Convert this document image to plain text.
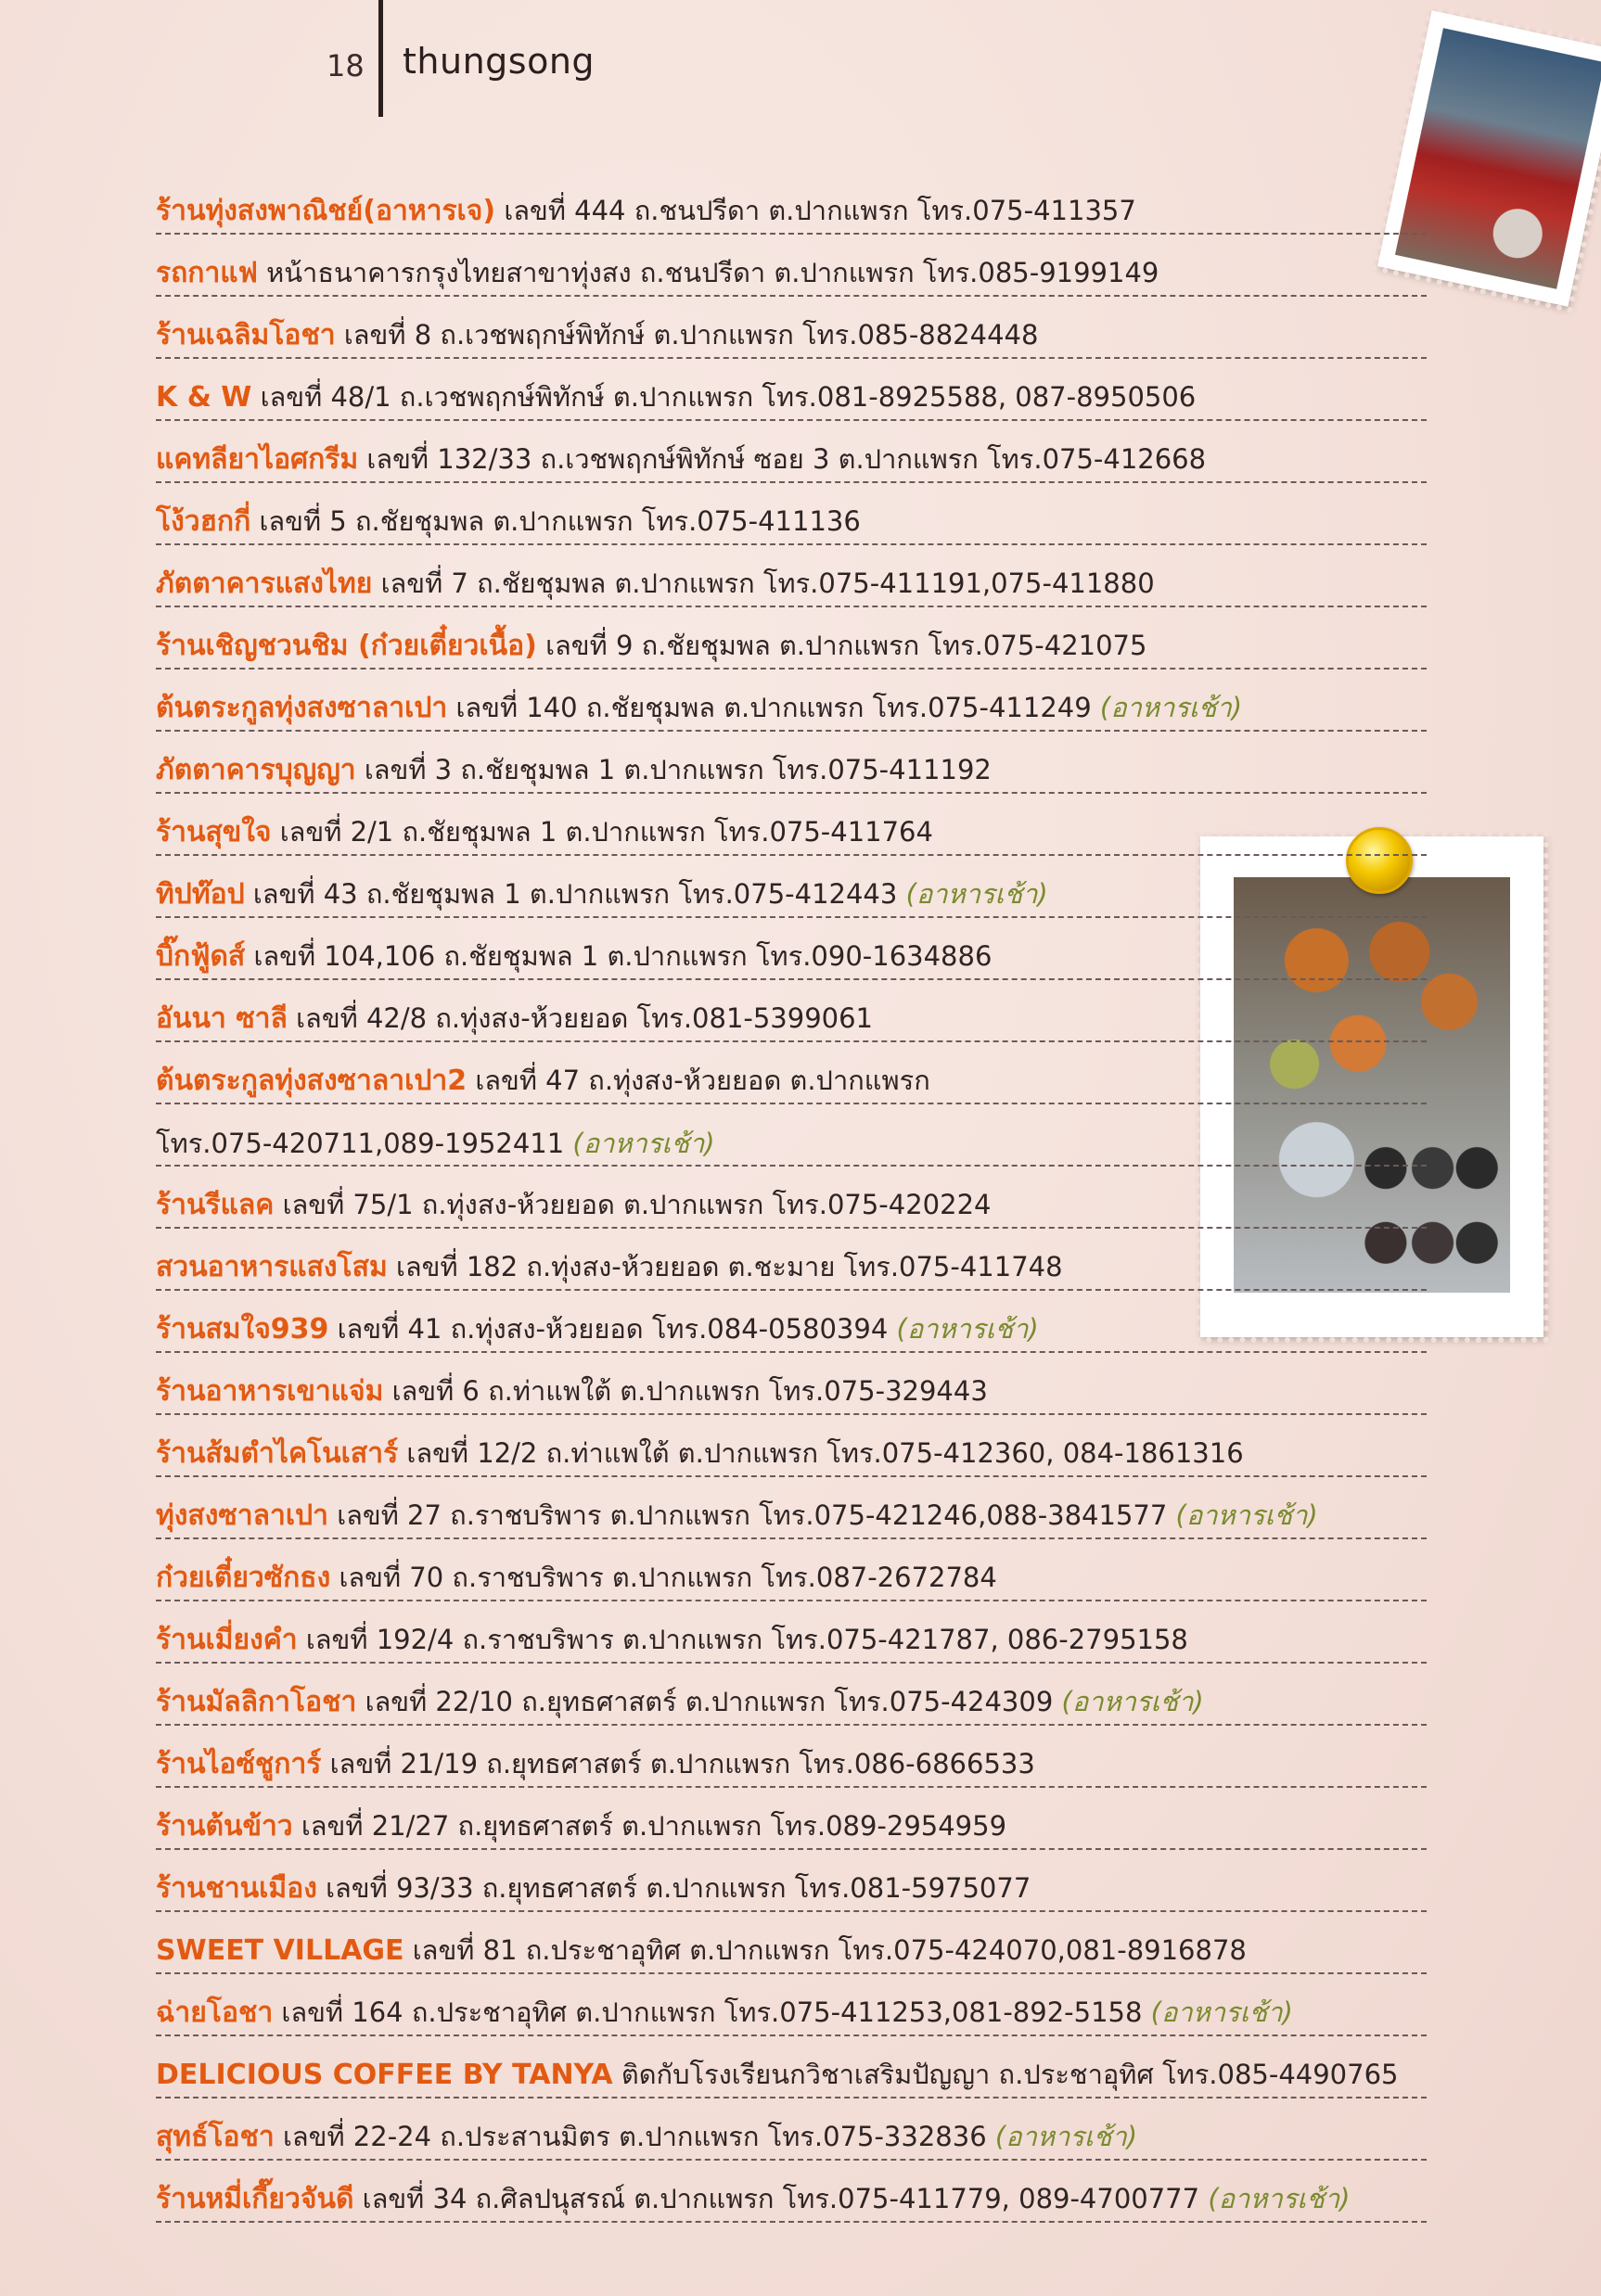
18 thungsong
ร้านทุ่งสงพาณิชย์(อาหารเจ) เลขที่ 444 ถ.ชนปรีดา ต.ปากแพรก โทร.075-411357
รถกาแฟ หน้าธนาคารกรุงไทยสาขาทุ่งสง ถ.ชนปรีดา ต.ปากแพรก โทร.085-9199149
ร้านเฉลิมโอชา เลขที่ 8 ถ.เวชพฤกษ์พิทักษ์ ต.ปากแพรก โทร.085-8824448
K & W เลขที่ 48/1 ถ.เวชพฤกษ์พิทักษ์ ต.ปากแพรก โทร.081-8925588, 087-8950506
แคทลียาไอศกรีม เลขที่ 132/33 ถ.เวชพฤกษ์พิทักษ์ ซอย 3 ต.ปากแพรก โทร.075-412668
โง้วฮกกี่ เลขที่ 5 ถ.ชัยชุมพล ต.ปากแพรก โทร.075-411136
ภัตตาคารแสงไทย เลขที่ 7 ถ.ชัยชุมพล ต.ปากแพรก โทร.075-411191,075-411880
ร้านเชิญชวนชิม (ก๋วยเตี๋ยวเนื้อ) เลขที่ 9 ถ.ชัยชุมพล ต.ปากแพรก โทร.075-421075
ต้นตระกูลทุ่งสงซาลาเปา เลขที่ 140 ถ.ชัยชุมพล ต.ปากแพรก โทร.075-411249 (อาหารเช้า)
ภัตตาคารบุญญา เลขที่ 3 ถ.ชัยชุมพล 1 ต.ปากแพรก โทร.075-411192
ร้านสุขใจ เลขที่ 2/1 ถ.ชัยชุมพล 1 ต.ปากแพรก โทร.075-411764
ทิปท๊อป เลขที่ 43 ถ.ชัยชุมพล 1 ต.ปากแพรก โทร.075-412443 (อาหารเช้า)
บิ๊กฟู้ดส์ เลขที่ 104,106 ถ.ชัยชุมพล 1 ต.ปากแพรก โทร.090-1634886
อันนา ซาลี เลขที่ 42/8 ถ.ทุ่งสง-ห้วยยอด โทร.081-5399061
ต้นตระกูลทุ่งสงซาลาเปา2 เลขที่ 47 ถ.ทุ่งสง-ห้วยยอด ต.ปากแพรก
โทร.075-420711,089-1952411 (อาหารเช้า)
ร้านรีแลค เลขที่ 75/1 ถ.ทุ่งสง-ห้วยยอด ต.ปากแพรก โทร.075-420224
สวนอาหารแสงโสม เลขที่ 182 ถ.ทุ่งสง-ห้วยยอด ต.ชะมาย โทร.075-411748
ร้านสมใจ939 เลขที่ 41 ถ.ทุ่งสง-ห้วยยอด โทร.084-0580394 (อาหารเช้า)
ร้านอาหารเขาแจ่ม เลขที่ 6 ถ.ท่าแพใต้ ต.ปากแพรก โทร.075-329443
ร้านส้มตำไคโนเสาร์ เลขที่ 12/2 ถ.ท่าแพใต้ ต.ปากแพรก โทร.075-412360, 084-1861316
ทุ่งสงซาลาเปา เลขที่ 27 ถ.ราชบริพาร ต.ปากแพรก โทร.075-421246,088-3841577 (อาหารเช้า)
ก๋วยเตี๋ยวซักธง เลขที่ 70 ถ.ราชบริพาร ต.ปากแพรก โทร.087-2672784
ร้านเมี่ยงคำ เลขที่ 192/4 ถ.ราชบริพาร ต.ปากแพรก โทร.075-421787, 086-2795158
ร้านมัลลิกาโอชา เลขที่ 22/10 ถ.ยุทธศาสตร์ ต.ปากแพรก โทร.075-424309 (อาหารเช้า)
ร้านไอซ์ชูการ์ เลขที่ 21/19 ถ.ยุทธศาสตร์ ต.ปากแพรก โทร.086-6866533
ร้านต้นข้าว เลขที่ 21/27 ถ.ยุทธศาสตร์ ต.ปากแพรก โทร.089-2954959
ร้านชานเมือง เลขที่ 93/33 ถ.ยุทธศาสตร์ ต.ปากแพรก โทร.081-5975077
SWEET VILLAGE เลขที่ 81 ถ.ประชาอุทิศ ต.ปากแพรก โทร.075-424070,081-8916878
ฉ่ายโอชา เลขที่ 164 ถ.ประชาอุทิศ ต.ปากแพรก โทร.075-411253,081-892-5158 (อาหารเช้า)
DELICIOUS COFFEE BY TANYA ติดกับโรงเรียนกวิชาเสริมปัญญา ถ.ประชาอุทิศ โทร.085-4490765
สุทธ์โอชา เลขที่ 22-24 ถ.ประสานมิตร ต.ปากแพรก โทร.075-332836 (อาหารเช้า)
ร้านหมี่เกี๊ยวจันดี เลขที่ 34 ถ.ศิลปนุสรณ์ ต.ปากแพรก โทร.075-411779, 089-4700777 (อาหารเช้า)
